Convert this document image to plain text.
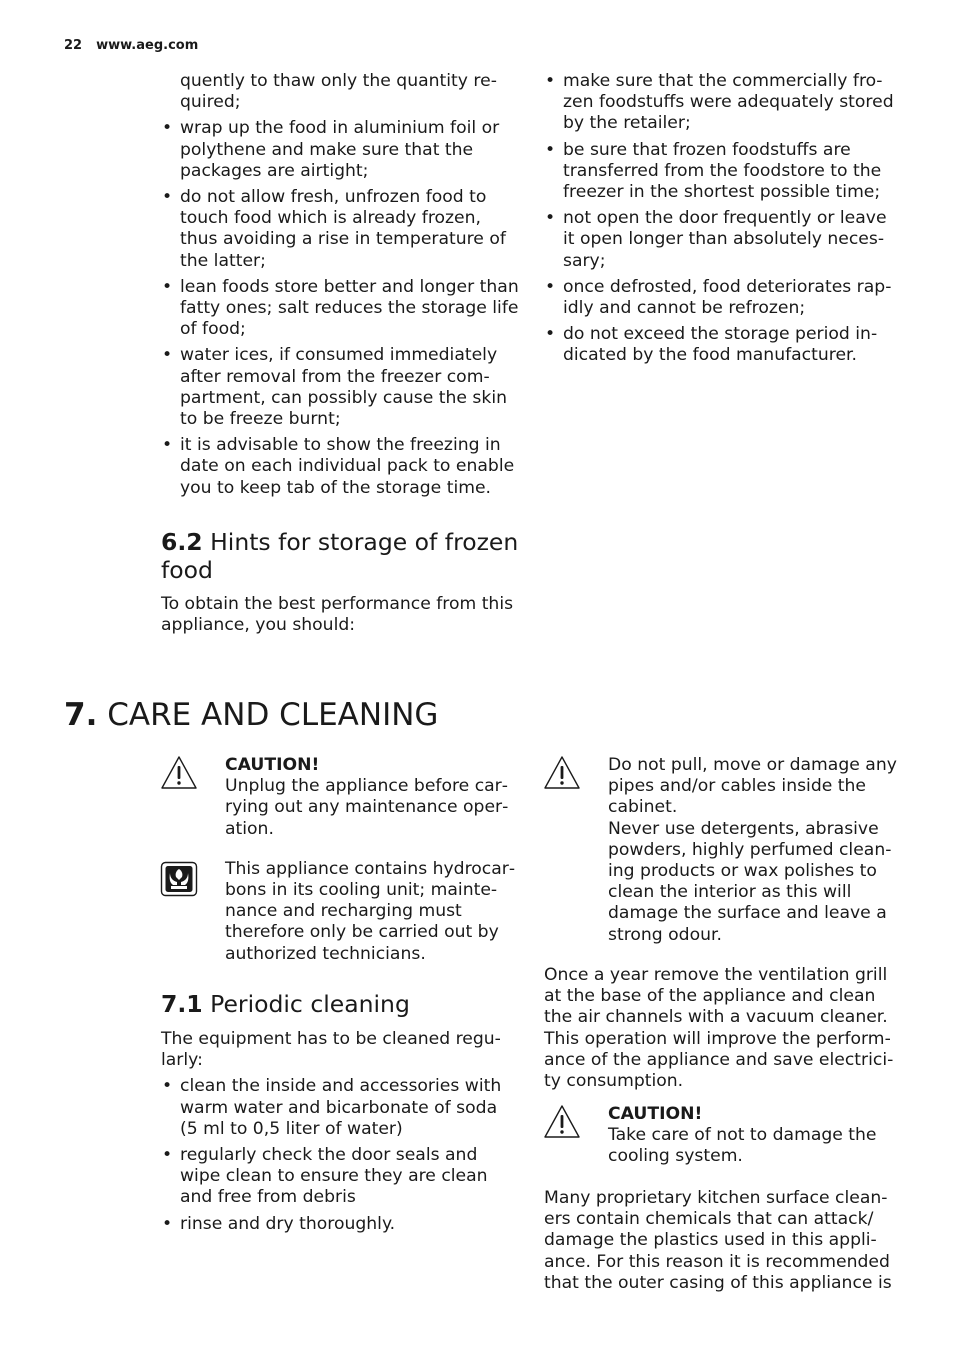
22 www.aeg.com

quently to thaw only the quantity required;

• wrap up the food in aluminium foil or polythene and make sure that the packages are airtight;
• do not allow fresh, unfrozen food to touch food which is already frozen, thus avoiding a rise in temperature of the latter;
• lean foods store better and longer than fatty ones; salt reduces the storage life of food;
• water ices, if consumed immediately after removal from the freezer compartment, can possibly cause the skin to be freeze burnt;
• it is advisable to show the freezing in date on each individual pack to enable you to keep tab of the storage time.
6.2 Hints for storage of frozen food

To obtain the best performance from this appliance, you should:

• make sure that the commercially frozen foodstuffs were adequately stored by the retailer;
• be sure that frozen foodstuffs are transferred from the foodstore to the freezer in the shortest possible time;
• not open the door frequently or leave it open longer than absolutely necessary;
• once defrosted, food deteriorates rapidly and cannot be refrozen;
• do not exceed the storage period indicated by the food manufacturer.
7. CARE AND CLEANING

CAUTION!

Unplug the appliance before carrying out any maintenance operation.

This appliance contains hydrocarbons in its cooling unit; maintenance and recharging must therefore only be carried out by authorized technicians.

7.1 Periodic cleaning

The equipment has to be cleaned regularly:

• clean the inside and accessories with warm water and bicarbonate of soda (5 ml to 0,5 liter of water)
• regularly check the door seals and wipe clean to ensure they are clean and free from debris
• rinse and dry thoroughly.

Do not pull, move or damage any pipes and/or cables inside the cabinet.

Never use detergents, abrasive powders, highly perfumed cleaning products or wax polishes to clean the interior as this will damage the surface and leave a strong odour.

Once a year remove the ventilation grill at the base of the appliance and clean the air channels with a vacuum cleaner. This operation will improve the performance of the appliance and save electricity consumption.

CAUTION!

Take care of not to damage the cooling system.

Many proprietary kitchen surface cleaners contain chemicals that can attack/ damage the plastics used in this appliance. For this reason it is recommended that the outer casing of this appliance is
